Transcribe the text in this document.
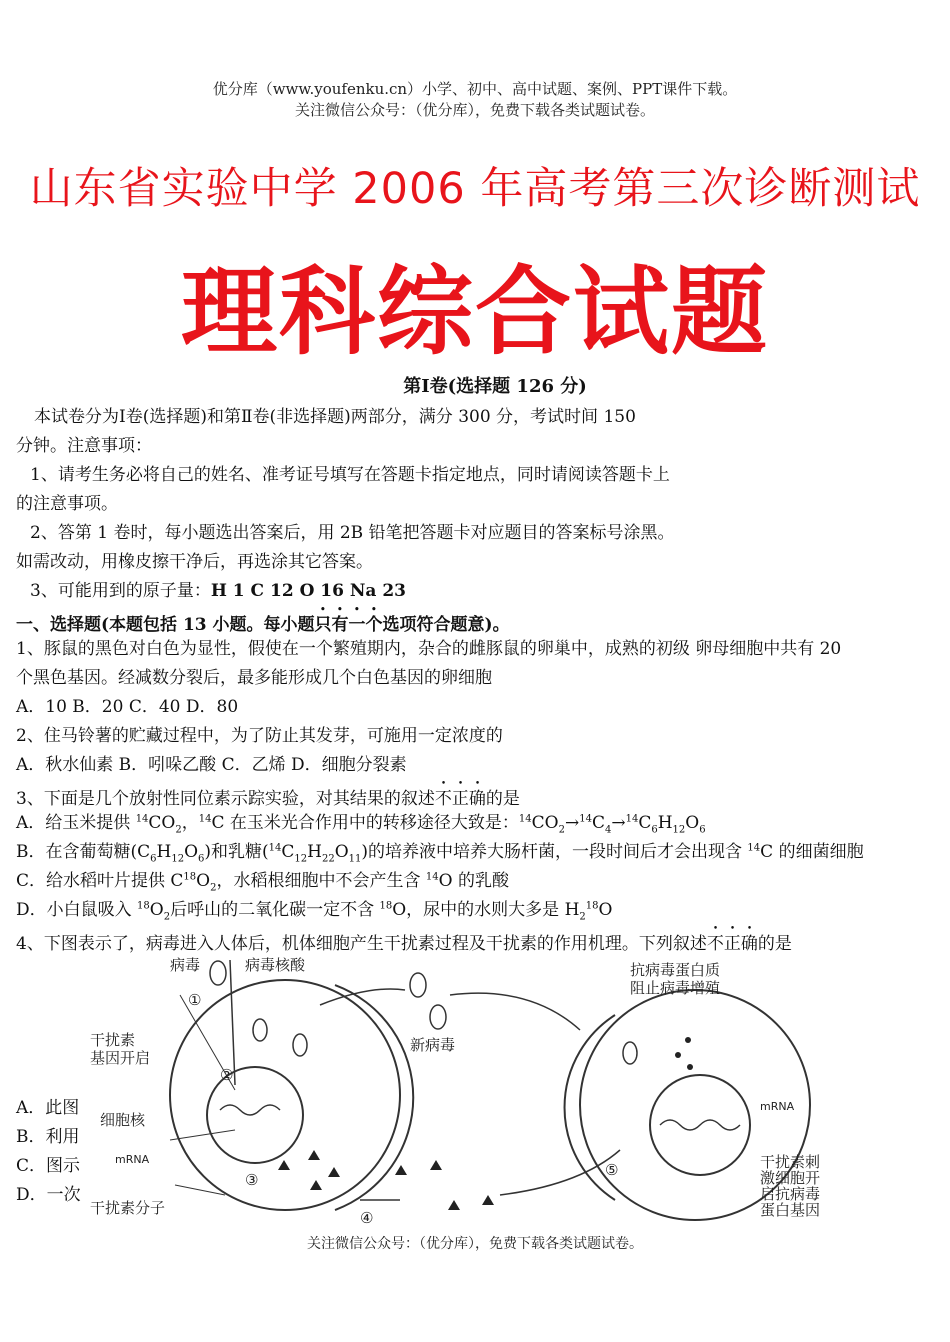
优分库（www.youfenku.cn）小学、初中、高中试题、案例、PPT课件下载。
关注微信公众号：（优分库），免费下载各类试题试卷。
山东省实验中学 2006 年高考第三次诊断测试
理科综合试题
第Ⅰ卷(选择题 126 分)
本试卷分为Ⅰ卷(选择题)和第Ⅱ卷(非选择题)两部分，满分 300 分，考试时间 150
分钟。注意事项：
1、请考生务必将自己的姓名、准考证号填写在答题卡指定地点，同时请阅读答题卡上
的注意事项。
2、答第 1 卷时，每小题选出答案后，用 2B 铅笔把答题卡对应题目的答案标号涂黑。
如需改动，用橡皮擦干净后，再选涂其它答案。
3、可能用到的原子量：H 1 C 12 O 16 Na 23
一、选择题(本题包括 13 小题。每小题只有一个选项符合题意)。
1、豚鼠的黑色对白色为显性，假使在一个繁殖期内，杂合的雌豚鼠的卵巢中，成熟的初级 卵母细胞中共有 20
个黑色基因。经减数分裂后，最多能形成几个白色基因的卵细胞
A．10 B．20 C．40 D．80
2、住马铃薯的贮藏过程中，为了防止其发芽，可施用一定浓度的
A．秋水仙素 B．吲哚乙酸 C．乙烯 D．细胞分裂素
3、下面是几个放射性同位素示踪实验，对其结果的叙述不正确的是
A．给玉米提供 $^{14}CO_2$，$^{14}$C 在玉米光合作用中的转移途径大致是：$^{14}CO_2\to^{14}C_4\to^{14}C_6H_{12}O_6$
B．在含葡萄糖$(C_6H_{12}O_6)$和乳糖$(^{14}C_{12}H_{22}O_{11})$的培养液中培养大肠杆菌，一段时间后才会出现含 $^{14}$C 的细菌细胞
C．给水稻叶片提供 $C^{18}O_2$，水稻根细胞中不会产生含 $^{14}$O 的乳酸
D．小白鼠吸入 $^{18}O_2$后呼山的二氧化碳一定不含 $^{18}$O，尿中的水则大多是 $H_2^{18}O$
4、下图表示了，病毒进入人体后，机体细胞产生干扰素过程及干扰素的作用机理。下列叙述不正确的是
A．此图
B．利用
C．图示
D．一次
病毒	病毒核酸
干扰素
基因开启
细胞核
mRNA
干扰素分子
新病毒
抗病毒蛋白质
阻止病毒增殖
mRNA
干扰素刺
激细胞开
启抗病毒
蛋白基因
①
②
③
④
⑤
关注微信公众号：（优分库），免费下载各类试题试卷。
